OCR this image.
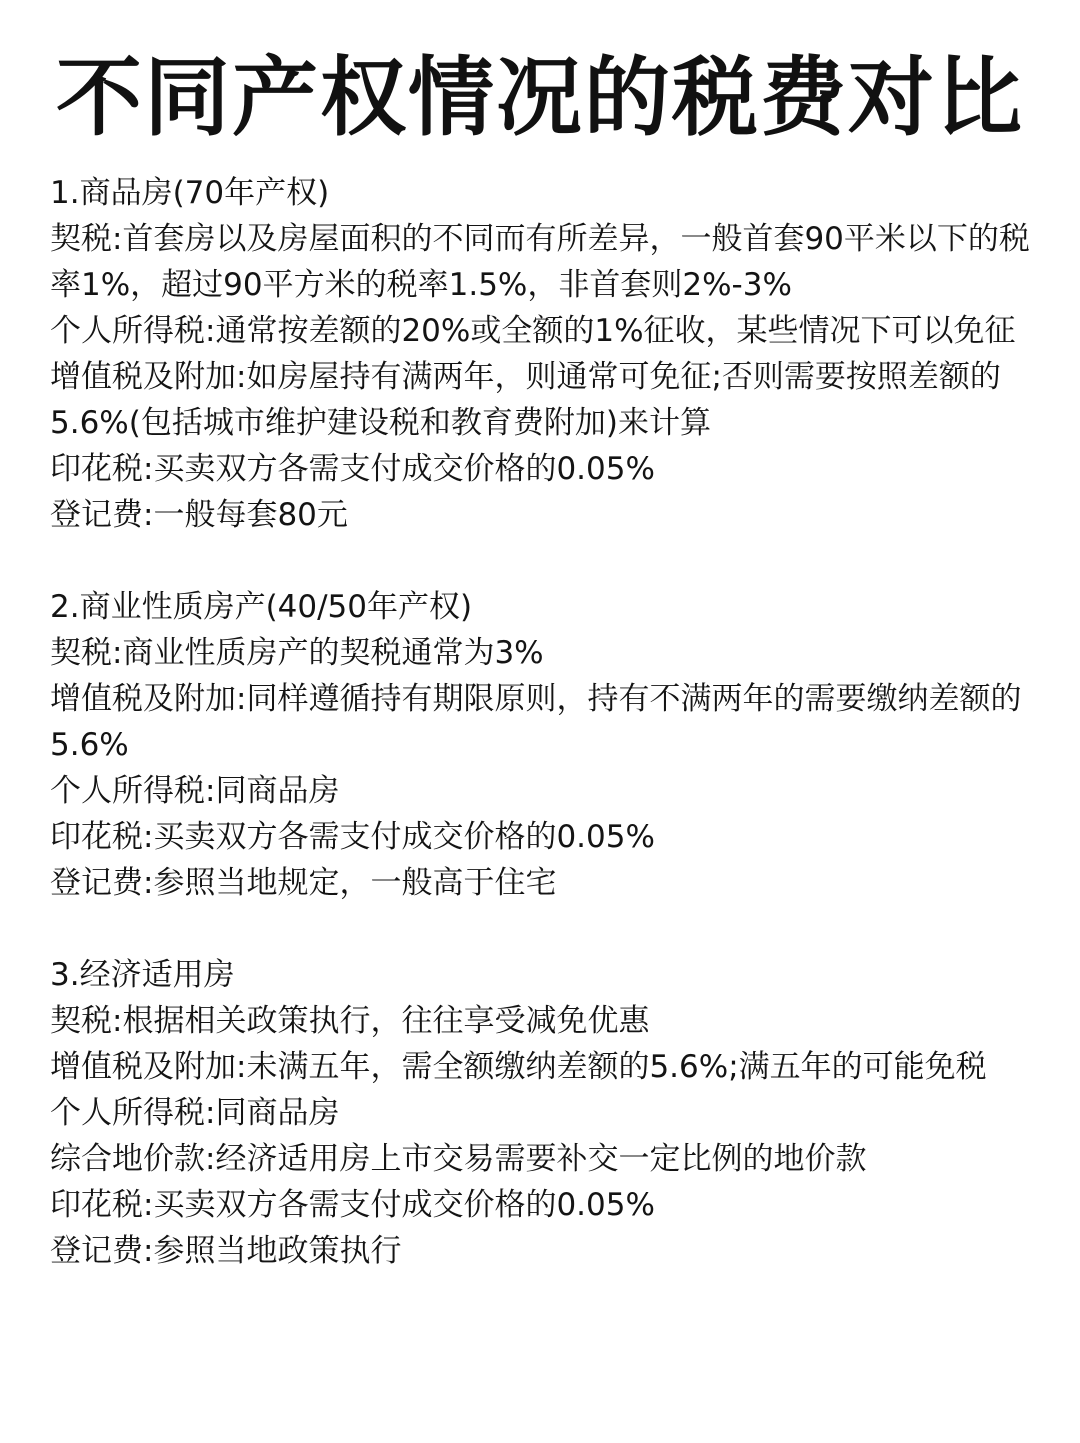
不同产权情况的税费对比

1.商品房(70年产权)

契税:首套房以及房屋面积的不同而有所差异，一般首套90平米以下的税率1%，超过90平方米的税率1.5%，非首套则2%-3%

个人所得税:通常按差额的20%或全额的1%征收，某些情况下可以免征

增值税及附加:如房屋持有满两年，则通常可免征;否则需要按照差额的5.6%(包括城市维护建设税和教育费附加)来计算

印花税:买卖双方各需支付成交价格的0.05%

登记费:一般每套80元

2.商业性质房产(40/50年产权)

契税:商业性质房产的契税通常为3%

增值税及附加:同样遵循持有期限原则，持有不满两年的需要缴纳差额的5.6%

个人所得税:同商品房

印花税:买卖双方各需支付成交价格的0.05%

登记费:参照当地规定，一般高于住宅

3.经济适用房

契税:根据相关政策执行，往往享受减免优惠

增值税及附加:未满五年，需全额缴纳差额的5.6%;满五年的可能免税

个人所得税:同商品房

综合地价款:经济适用房上市交易需要补交一定比例的地价款

印花税:买卖双方各需支付成交价格的0.05%

登记费:参照当地政策执行
